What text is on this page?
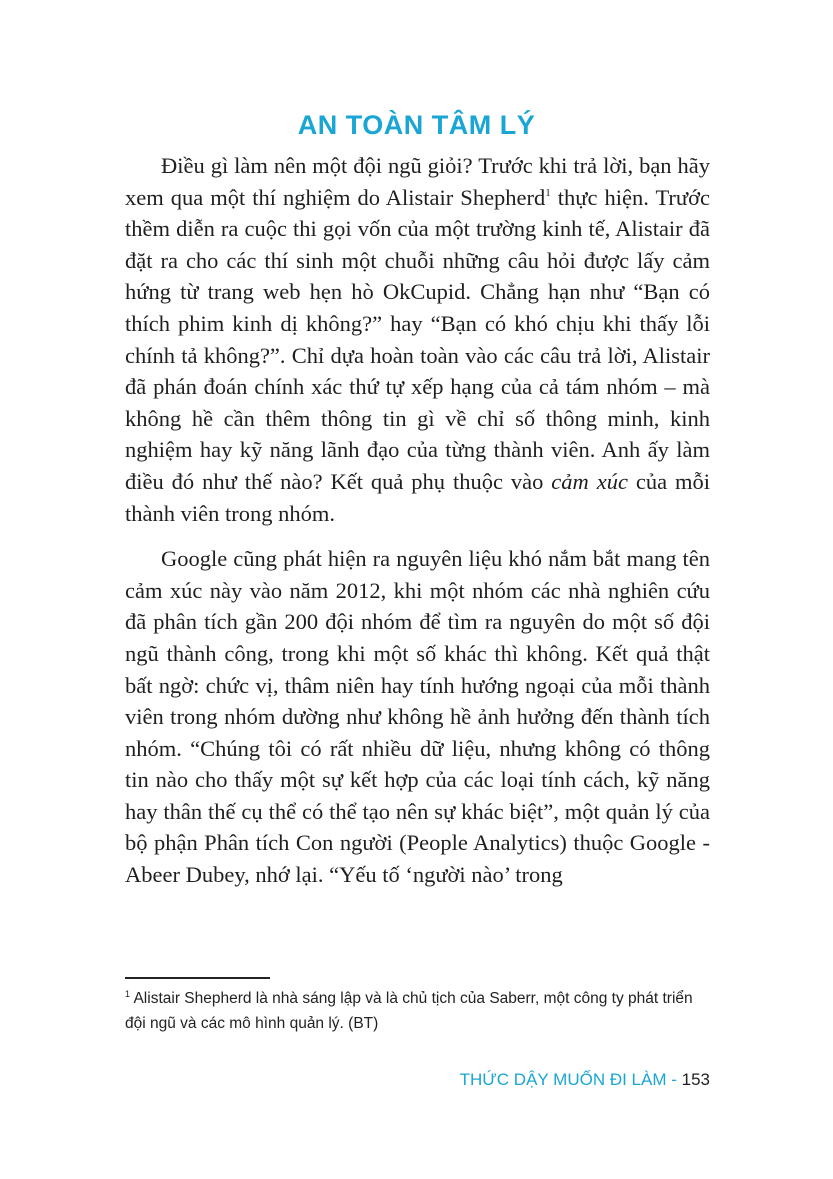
AN TOÀN TÂM LÝ

Điều gì làm nên một đội ngũ giỏi? Trước khi trả lời, bạn hãy xem qua một thí nghiệm do Alistair Shepherd$^1$ thực hiện. Trước thềm diễn ra cuộc thi gọi vốn của một trường kinh tế, Alistair đã đặt ra cho các thí sinh một chuỗi những câu hỏi được lấy cảm hứng từ trang web hẹn hò OkCupid. Chẳng hạn như “Bạn có thích phim kinh dị không?” hay “Bạn có khó chịu khi thấy lỗi chính tả không?”. Chỉ dựa hoàn toàn vào các câu trả lời, Alistair đã phán đoán chính xác thứ tự xếp hạng của cả tám nhóm – mà không hề cần thêm thông tin gì về chỉ số thông minh, kinh nghiệm hay kỹ năng lãnh đạo của từng thành viên. Anh ấy làm điều đó như thế nào? Kết quả phụ thuộc vào cảm xúc của mỗi thành viên trong nhóm.

Google cũng phát hiện ra nguyên liệu khó nắm bắt mang tên cảm xúc này vào năm 2012, khi một nhóm các nhà nghiên cứu đã phân tích gần 200 đội nhóm để tìm ra nguyên do một số đội ngũ thành công, trong khi một số khác thì không. Kết quả thật bất ngờ: chức vị, thâm niên hay tính hướng ngoại của mỗi thành viên trong nhóm dường như không hề ảnh hưởng đến thành tích nhóm. “Chúng tôi có rất nhiều dữ liệu, nhưng không có thông tin nào cho thấy một sự kết hợp của các loại tính cách, kỹ năng hay thân thế cụ thể có thể tạo nên sự khác biệt”, một quản lý của bộ phận Phân tích Con người (People Analytics) thuộc Google - Abeer Dubey, nhớ lại. “Yếu tố ‘người nào’ trong

$^1$ Alistair Shepherd là nhà sáng lập và là chủ tịch của Saberr, một công ty phát triển đội ngũ và các mô hình quản lý. (BT)

THỨC DẬY MUỐN ĐI LÀM - 153
